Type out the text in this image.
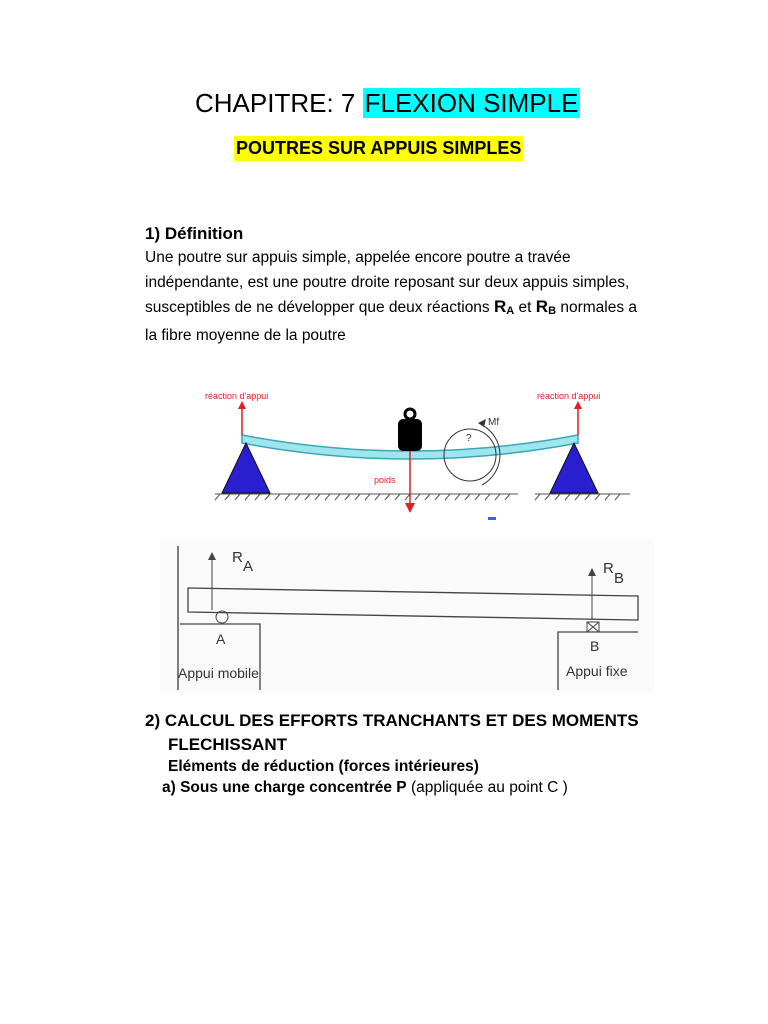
CHAPITRE: 7 FLEXION SIMPLE
POUTRES SUR APPUIS SIMPLES
1) Définition
Une poutre sur appuis simple, appelée encore poutre a travée
indépendante, est une poutre droite reposant sur deux appuis simples,
susceptibles de ne développer que deux réactions $R_A$ et $R_B$ normales a
la fibre moyenne de la poutre
réaction d'appui	réaction d'appui
poids
Mf
?
R
A	R
B
A	B
Appui mobile	Appui fixe
2) CALCUL DES EFFORTS TRANCHANTS ET DES MOMENTS
FLECHISSANT
Eléments de réduction (forces intérieures)
a) Sous une charge concentrée P (appliquée au point C )
